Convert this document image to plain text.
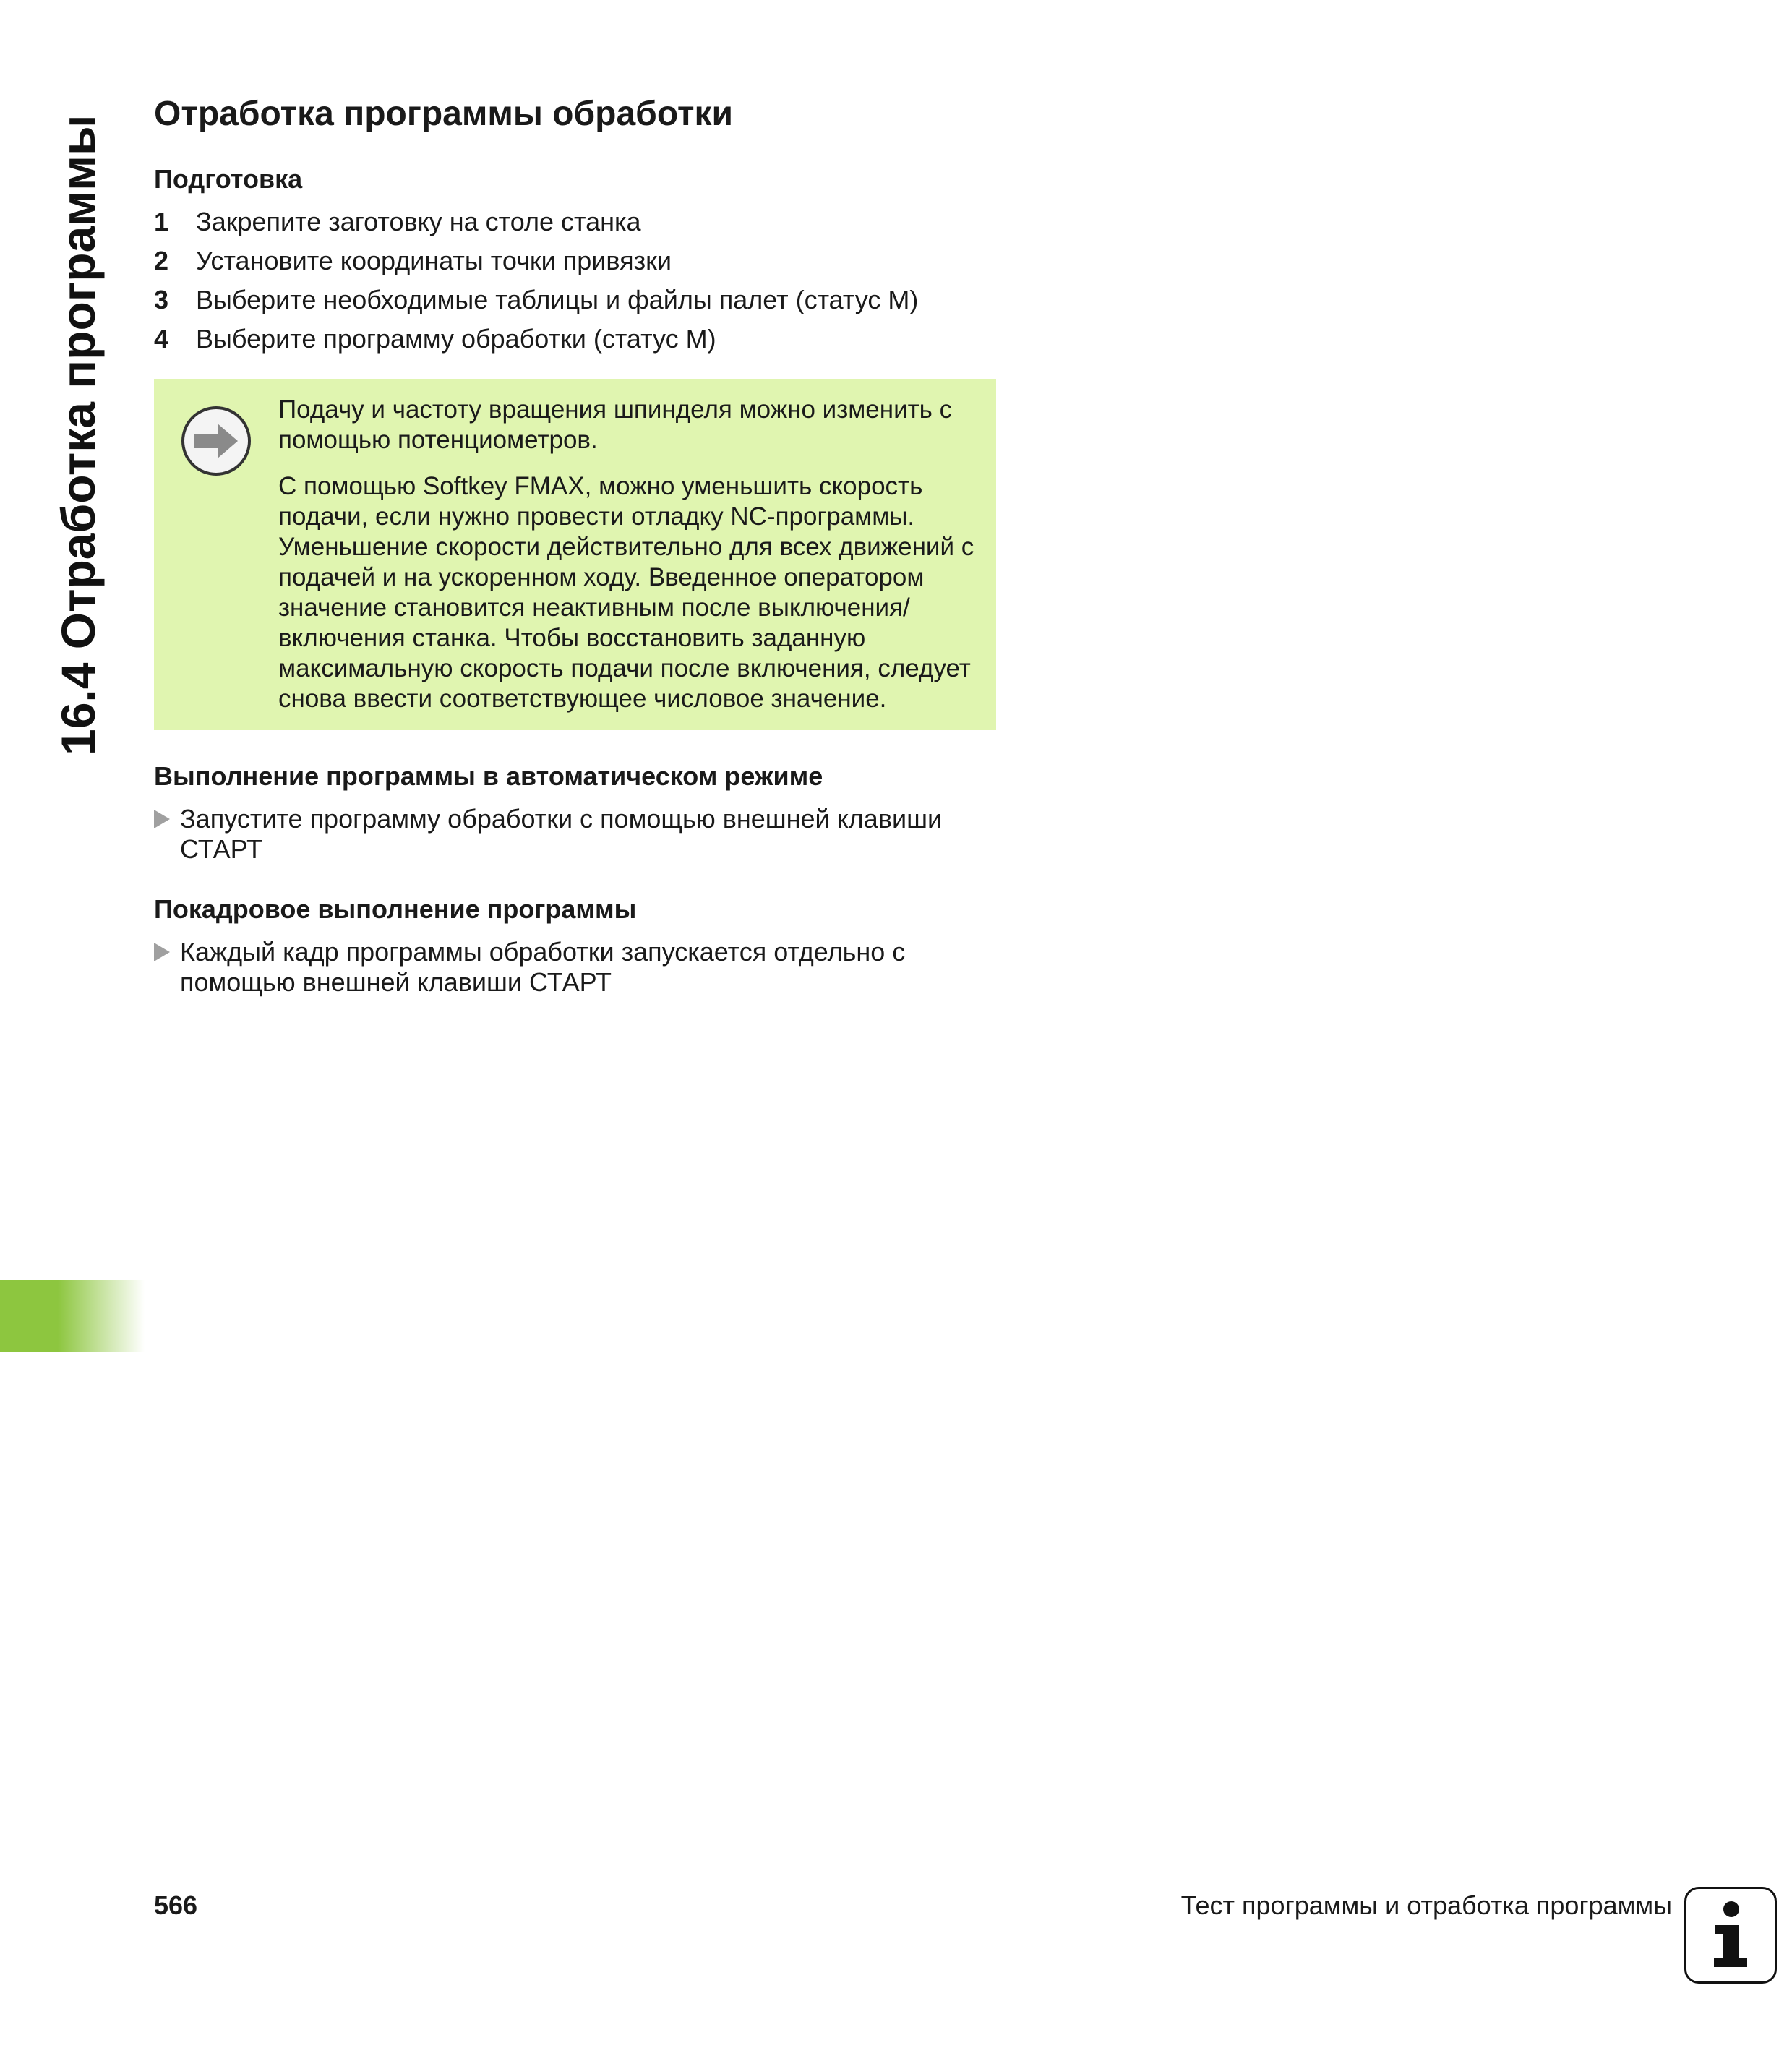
16.4 Отработка программы
Отработка программы обработки
Подготовка
1	Закрепите заготовку на столе станка
2	Установите координаты точки привязки
3	Выберите необходимые таблицы и файлы палет (статус M)
4	Выберите программу обработки (статус M)

Подачу и частоту вращения шпинделя можно изменить с помощью потенциометров.

С помощью Softkey FMAX, можно уменьшить скорость подачи, если нужно провести отладку NC-программы. Уменьшение скорости действительно для всех движений с подачей и на ускоренном ходу. Введенное оператором значение становится неактивным после выключения/включения станка. Чтобы восстановить заданную максимальную скорость подачи после включения, следует снова ввести соответствующее числовое значение.

Выполнение программы в автоматическом режиме
Запустите программу обработки с помощью внешней клавиши СТАРТ
Покадровое выполнение программы
Каждый кадр программы обработки запускается отдельно с помощью внешней клавиши СТАРТ
566	Тест программы и отработка программы
